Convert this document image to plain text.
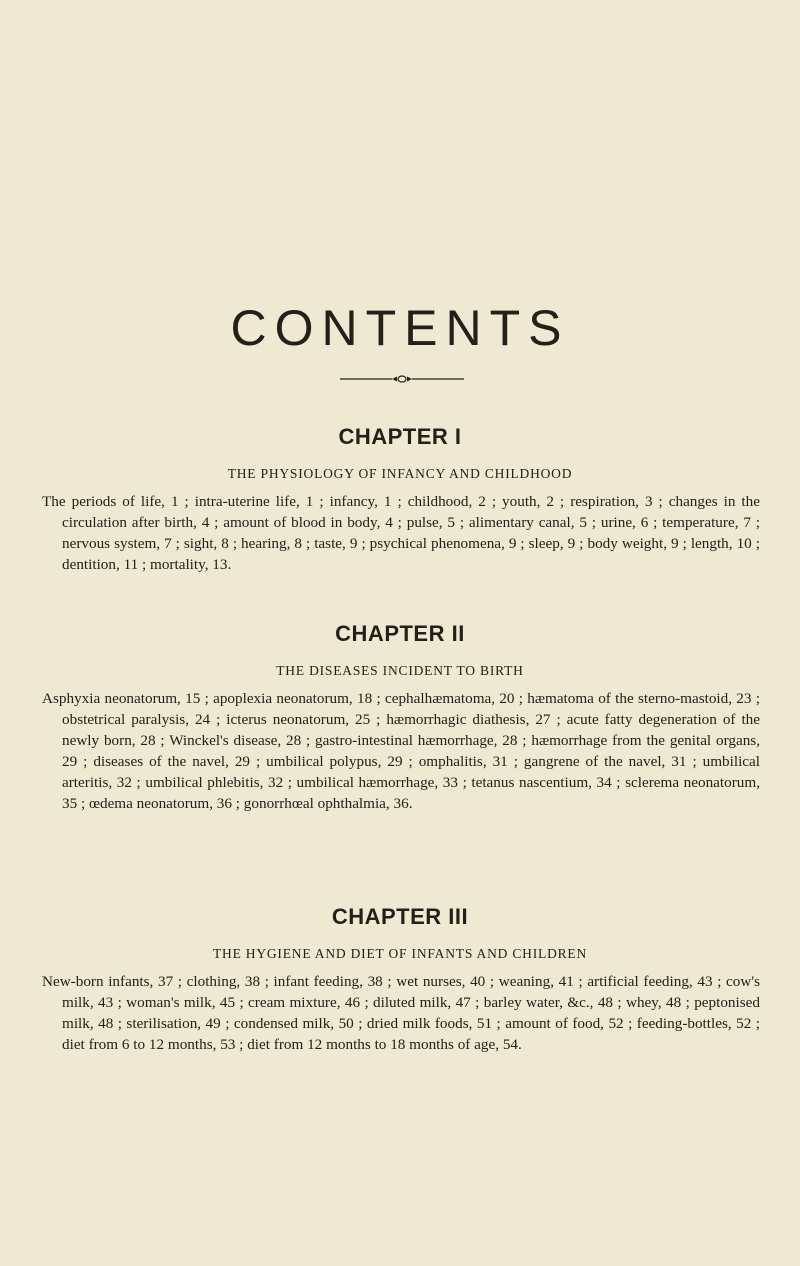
CONTENTS
CHAPTER I

THE PHYSIOLOGY OF INFANCY AND CHILDHOOD

The periods of life, 1 ; intra-uterine life, 1 ; infancy, 1 ; childhood, 2 ; youth, 2 ; respiration, 3 ; changes in the circulation after birth, 4 ; amount of blood in body, 4 ; pulse, 5 ; alimentary canal, 5 ; urine, 6 ; temperature, 7 ; nervous system, 7 ; sight, 8 ; hearing, 8 ; taste, 9 ; psychical phenomena, 9 ; sleep, 9 ; body weight, 9 ; length, 10 ; dentition, 11 ; mortality, 13.

CHAPTER II

THE DISEASES INCIDENT TO BIRTH

Asphyxia neonatorum, 15 ; apoplexia neonatorum, 18 ; cephalhæmatoma, 20 ; hæmatoma of the sterno-mastoid, 23 ; obstetrical paralysis, 24 ; icterus neonatorum, 25 ; hæmorrhagic diathesis, 27 ; acute fatty degeneration of the newly born, 28 ; Winckel's disease, 28 ; gastro-intestinal hæmorrhage, 28 ; hæmorrhage from the genital organs, 29 ; diseases of the navel, 29 ; umbilical polypus, 29 ; omphalitis, 31 ; gangrene of the navel, 31 ; umbilical arteritis, 32 ; umbilical phlebitis, 32 ; umbilical hæmorrhage, 33 ; tetanus nascentium, 34 ; sclerema neonatorum, 35 ; œdema neonatorum, 36 ; gonorrhœal ophthalmia, 36.

CHAPTER III

THE HYGIENE AND DIET OF INFANTS AND CHILDREN

New-born infants, 37 ; clothing, 38 ; infant feeding, 38 ; wet nurses, 40 ; weaning, 41 ; artificial feeding, 43 ; cow's milk, 43 ; woman's milk, 45 ; cream mixture, 46 ; diluted milk, 47 ; barley water, &c., 48 ; whey, 48 ; peptonised milk, 48 ; sterilisation, 49 ; condensed milk, 50 ; dried milk foods, 51 ; amount of food, 52 ; feeding-bottles, 52 ; diet from 6 to 12 months, 53 ; diet from 12 months to 18 months of age, 54.
